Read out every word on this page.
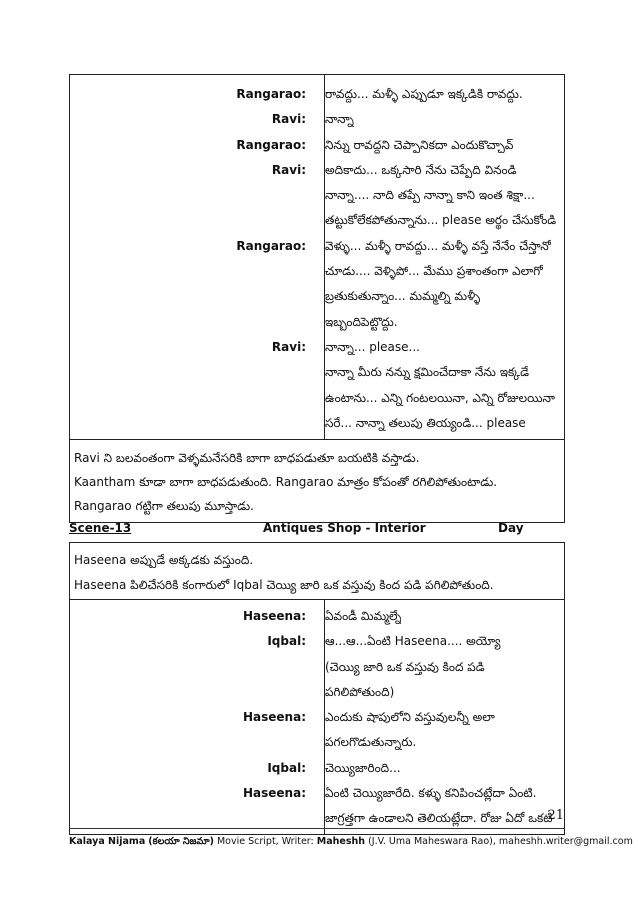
Rangarao:	రావద్దు... మళ్ళీ ఎప్పుడూ ఇక్కడికి రావద్దు.
Ravi:	నాన్నా
Rangarao:	నిన్ను రావద్దని చెప్పానికదా ఎందుకొచ్చావ్
Ravi:	అదికాదు... ఒక్కసారి నేను చెప్పేది వినండి
నాన్నా.... నాది తప్పే నాన్నా కాని ఇంత శిక్షా...
తట్టుకోలేకపోతున్నాను... please అర్థం చేసుకోండి
Rangarao:	వెళ్ళు... మళ్ళీ రావద్దు... మళ్ళీ వస్తే నేనేం చేస్తానో
చూడు.... వెళ్ళిపో... మేము ప్రశాంతంగా ఎలాగో
బ్రతుకుతున్నాం... మమ్మల్ని మళ్ళీ
ఇబ్బందిపెట్టొద్దు.
Ravi:	నాన్నా... please...
నాన్నా మీరు నన్ను క్షమించేదాకా నేను ఇక్కడే
ఉంటాను... ఎన్ని గంటలయినా, ఎన్ని రోజులయినా
సరే... నాన్నా తలుపు తియ్యండి... please
Ravi ని బలవంతంగా వెళ్ళమనేసరికి బాగా బాధపడుతూ బయటికి వస్తాడు.
Kaantham కూడా బాగా బాధపడుతుంది. Rangarao మాత్రం కోపంతో రగిలిపోతుంటాడు.
Rangarao గట్టిగా తలుపు మూస్తాడు.
Scene-13	Antiques Shop - Interior	Day
Haseena అప్పుడే అక్కడకు వస్తుంది.
Haseena పిలిచేసరికి కంగారులో Iqbal చెయ్యి జారి ఒక వస్తువు కింద పడి పగిలిపోతుంది.
Haseena:	ఏవండీ మిమ్మల్నే
Iqbal:	ఆ...ఆ...ఏంటి Haseena.... అయ్యో
(చెయ్యి జారి ఒక వస్తువు కింద పడి
పగిలిపోతుంది)
Haseena:	ఎందుకు షాపులోని వస్తువులన్నీ అలా
పగలగొడుతున్నారు.
Iqbal:	చెయ్యిజారింది...
Haseena:	ఏంటి చెయ్యిజారేది. కళ్ళు కనిపించట్లేదా ఏంటి.
జాగ్రత్తగా ఉండాలని తెలియట్లేదా. రోజు ఏదో ఒకటి
21
Kalaya Nijama (కలయా నిజమా) Movie Script, Writer: Maheshh (J.V. Uma Maheswara Rao), maheshh.writer@gmail.com
